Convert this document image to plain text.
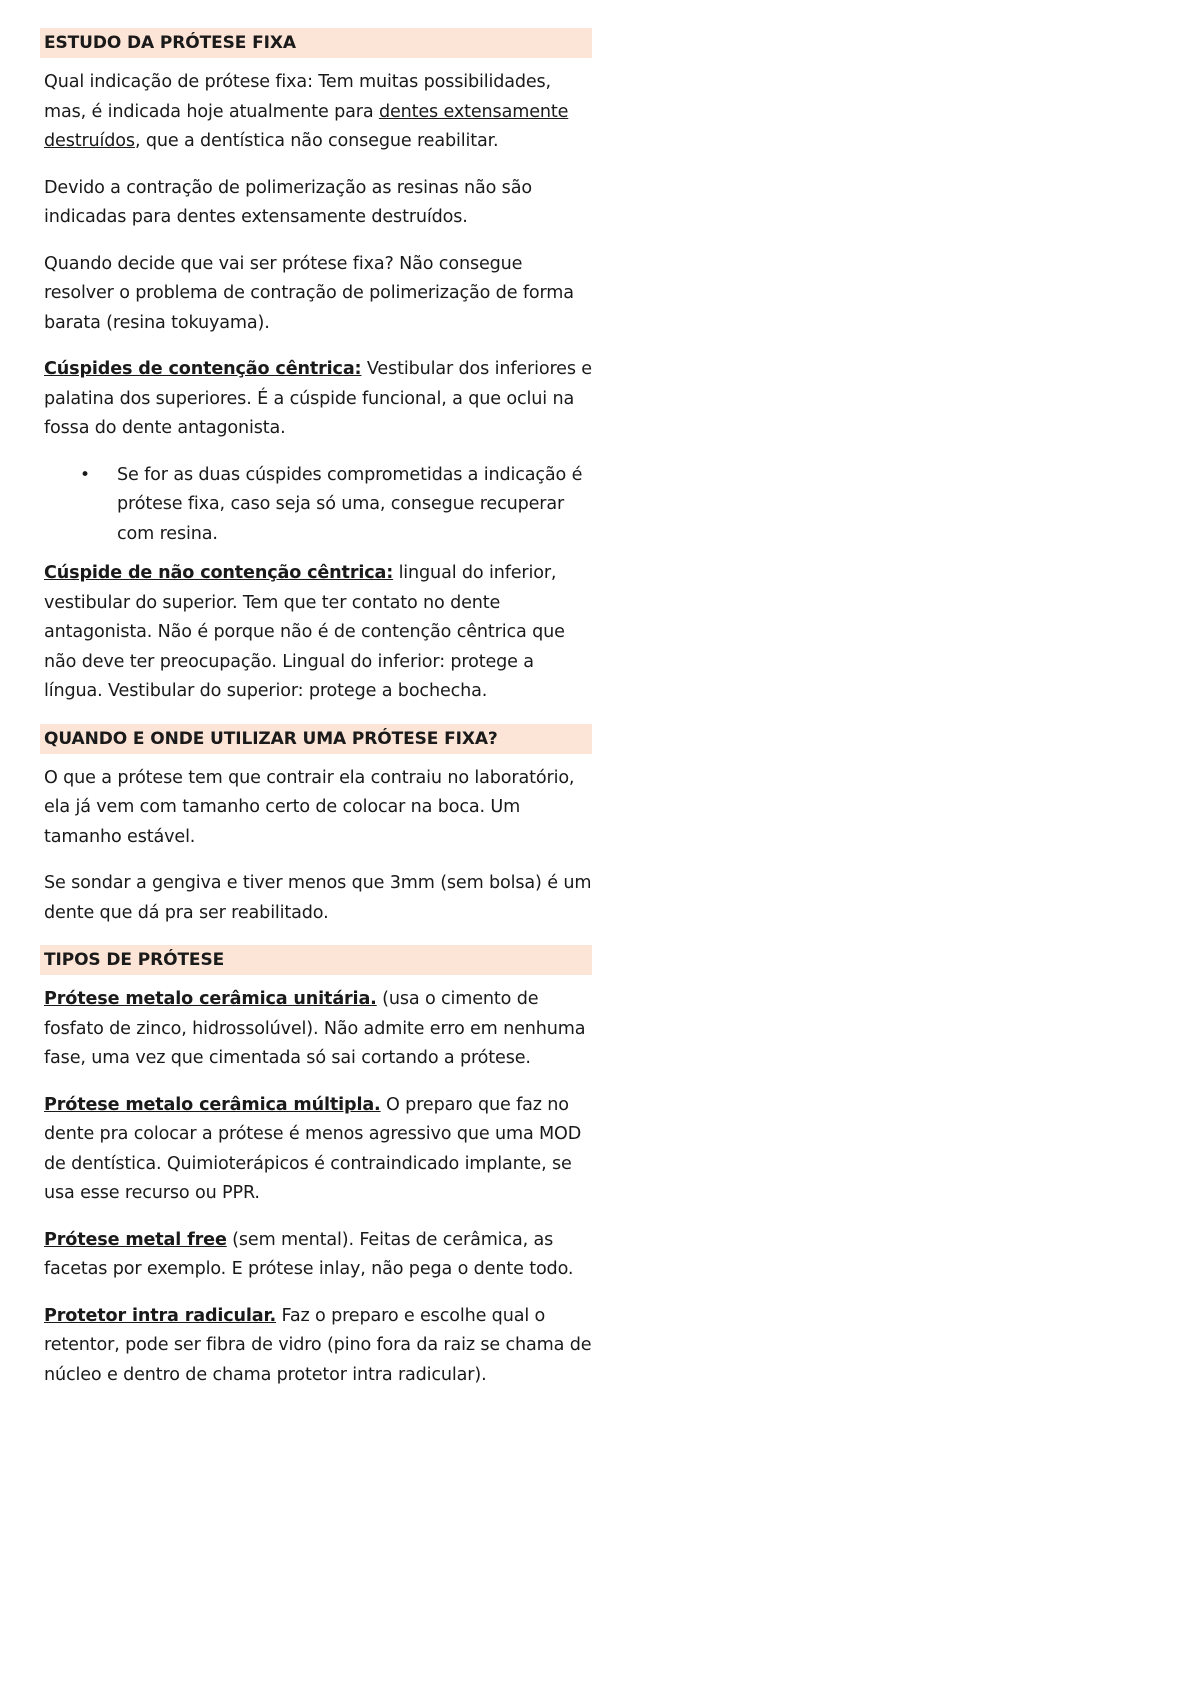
ESTUDO DA PRÓTESE FIXA

Qual indicação de prótese fixa: Tem muitas possibilidades, mas, é indicada hoje atualmente para dentes extensamente destruídos, que a dentística não consegue reabilitar.

Devido a contração de polimerização as resinas não são indicadas para dentes extensamente destruídos.

Quando decide que vai ser prótese fixa? Não consegue resolver o problema de contração de polimerização de forma barata (resina tokuyama).

Cúspides de contenção cêntrica: Vestibular dos inferiores e palatina dos superiores. É a cúspide funcional, a que oclui na fossa do dente antagonista.

• Se for as duas cúspides comprometidas a indicação é prótese fixa, caso seja só uma, consegue recuperar com resina.

Cúspide de não contenção cêntrica: lingual do inferior, vestibular do superior. Tem que ter contato no dente antagonista. Não é porque não é de contenção cêntrica que não deve ter preocupação. Lingual do inferior: protege a língua. Vestibular do superior: protege a bochecha.

QUANDO E ONDE UTILIZAR UMA PRÓTESE FIXA?

O que a prótese tem que contrair ela contraiu no laboratório, ela já vem com tamanho certo de colocar na boca. Um tamanho estável.

Se sondar a gengiva e tiver menos que 3mm (sem bolsa) é um dente que dá pra ser reabilitado.

TIPOS DE PRÓTESE

Prótese metalo cerâmica unitária. (usa o cimento de fosfato de zinco, hidrossolúvel). Não admite erro em nenhuma fase, uma vez que cimentada só sai cortando a prótese.

Prótese metalo cerâmica múltipla. O preparo que faz no dente pra colocar a prótese é menos agressivo que uma MOD de dentística. Quimioterápicos é contraindicado implante, se usa esse recurso ou PPR.

Prótese metal free (sem mental). Feitas de cerâmica, as facetas por exemplo. E prótese inlay, não pega o dente todo.

Protetor intra radicular. Faz o preparo e escolhe qual o retentor, pode ser fibra de vidro (pino fora da raiz se chama de núcleo e dentro de chama protetor intra radicular).
